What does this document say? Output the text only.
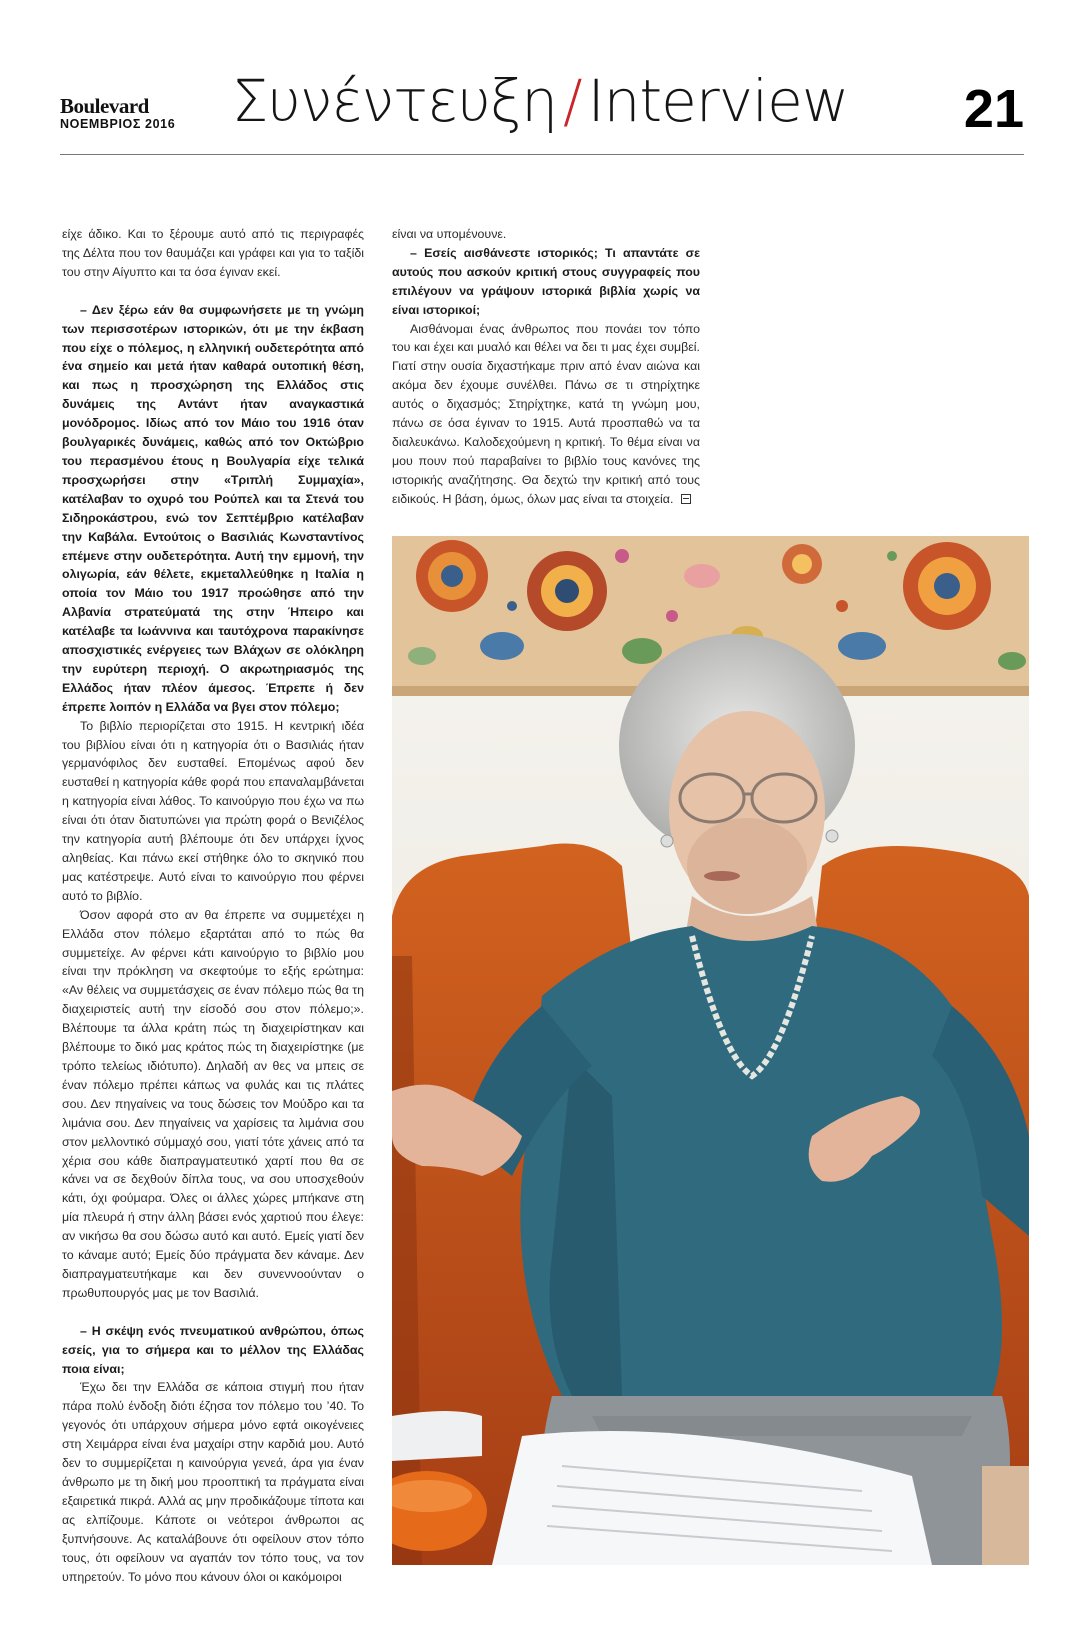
Boulevard
ΝΟΕΜΒΡΙΟΣ 2016 Συνέντευξη / Interview	21

είχε άδικο. Και το ξέρουμε αυτό από τις περιγραφές της Δέλτα που τον θαυμάζει και γράφει και για το ταξίδι του στην Αίγυπτο και τα όσα έγιναν εκεί.

– Δεν ξέρω εάν θα συμφωνήσετε με τη γνώμη των περισσοτέρων ιστορικών, ότι με την έκβαση που είχε ο πόλεμος, η ελληνική ουδετερότητα από ένα σημείο και μετά ήταν καθαρά ουτοπική θέση, και πως η προσχώρηση της Ελλάδος στις δυνάμεις της Αντάντ ήταν αναγκαστικά μονόδρομος. Ιδίως από τον Μάιο του 1916 όταν βουλγαρικές δυνάμεις, καθώς από τον Οκτώβριο του περασμένου έτους η Βουλγαρία είχε τελικά προσχωρήσει στην «Τριπλή Συμμαχία», κατέλαβαν το οχυρό του Ρούπελ και τα Στενά του Σιδηροκάστρου, ενώ τον Σεπτέμβριο κατέλαβαν την Καβάλα. Εντούτοις ο Βασιλιάς Κωνσταντίνος επέμενε στην ουδετερότητα. Αυτή την εμμονή, την ολιγωρία, εάν θέλετε, εκμεταλλεύθηκε η Ιταλία η οποία τον Μάιο του 1917 προώθησε από την Αλβανία στρατεύματά της στην Ήπειρο και κατέλαβε τα Ιωάννινα και ταυτόχρονα παρακίνησε αποσχιστικές ενέργειες των Βλάχων σε ολόκληρη την ευρύτερη περιοχή. Ο ακρωτηριασμός της Ελλάδος ήταν πλέον άμεσος. Έπρεπε ή δεν έπρεπε λοιπόν η Ελλάδα να βγει στον πόλεμο;

Το βιβλίο περιορίζεται στο 1915. Η κεντρική ιδέα του βιβλίου είναι ότι η κατηγορία ότι ο Βασιλιάς ήταν γερμανόφιλος δεν ευσταθεί. Επομένως αφού δεν ευσταθεί η κατηγορία κάθε φορά που επαναλαμβάνεται η κατηγορία είναι λάθος. Το καινούργιο που έχω να πω είναι ότι όταν διατυπώνει για πρώτη φορά ο Βενιζέλος την κατηγορία αυτή βλέπουμε ότι δεν υπάρχει ίχνος αληθείας. Και πάνω εκεί στήθηκε όλο το σκηνικό που μας κατέστρεψε. Αυτό είναι το καινούργιο που φέρνει αυτό το βιβλίο.

Όσον αφορά στο αν θα έπρεπε να συμμετέχει η Ελλάδα στον πόλεμο εξαρτάται από το πώς θα συμμετείχε. Αν φέρνει κάτι καινούργιο το βιβλίο μου είναι την πρόκληση να σκεφτούμε το εξής ερώτημα: «Αν θέλεις να συμμετάσχεις σε έναν πόλεμο πώς θα τη διαχειριστείς αυτή την είσοδό σου στον πόλεμο;». Βλέπουμε τα άλλα κράτη πώς τη διαχειρίστηκαν και βλέπουμε το δικό μας κράτος πώς τη διαχειρίστηκε (με τρόπο τελείως ιδιότυπο). Δηλαδή αν θες να μπεις σε έναν πόλεμο πρέπει κάπως να φυλάς και τις πλάτες σου. Δεν πηγαίνεις να τους δώσεις τον Μούδρο και τα λιμάνια σου. Δεν πηγαίνεις να χαρίσεις τα λιμάνια σου στον μελλοντικό σύμμαχό σου, γιατί τότε χάνεις από τα χέρια σου κάθε διαπραγματευτικό χαρτί που θα σε κάνει να σε δεχθούν δίπλα τους, να σου υποσχεθούν κάτι, όχι φούμαρα. Όλες οι άλλες χώρες μπήκανε στη μία πλευρά ή στην άλλη βάσει ενός χαρτιού που έλεγε: αν νικήσω θα σου δώσω αυτό και αυτό. Εμείς γιατί δεν το κάναμε αυτό; Εμείς δύο πράγματα δεν κάναμε. Δεν διαπραγματευτήκαμε και δεν συνεννοούνταν ο πρωθυπουργός μας με τον Βασιλιά.

– Η σκέψη ενός πνευματικού ανθρώπου, όπως εσείς, για το σήμερα και το μέλλον της Ελλάδας ποια είναι;

Έχω δει την Ελλάδα σε κάποια στιγμή που ήταν πάρα πολύ ένδοξη διότι έζησα τον πόλεμο του ’40. Το γεγονός ότι υπάρχουν σήμερα μόνο εφτά οικογένειες στη Χειμάρρα είναι ένα μαχαίρι στην καρδιά μου. Αυτό δεν το συμμερίζεται η καινούργια γενεά, άρα για έναν άνθρωπο με τη δική μου προοπτική τα πράγματα είναι εξαιρετικά πικρά. Αλλά ας μην προδικάζουμε τίποτα και ας ελπίζουμε. Κάποτε οι νεότεροι άνθρωποι ας ξυπνήσουνε. Ας καταλάβουνε ότι οφείλουν στον τόπο τους, ότι οφείλουν να αγαπάν τον τόπο τους, να τον υπηρετούν. Το μόνο που κάνουν όλοι οι κακόμοιροι

είναι να υπομένουνε.

– Εσείς αισθάνεστε ιστορικός; Τι απαντάτε σε αυτούς που ασκούν κριτική στους συγγραφείς που επιλέγουν να γράψουν ιστορικά βιβλία χωρίς να είναι ιστορικοί;

Αισθάνομαι ένας άνθρωπος που πονάει τον τόπο του και έχει και μυαλό και θέλει να δει τι μας έχει συμβεί. Γιατί στην ουσία διχαστήκαμε πριν από έναν αιώνα και ακόμα δεν έχουμε συνέλθει. Πάνω σε τι στηρίχτηκε αυτός ο διχασμός; Στηρίχτηκε, κατά τη γνώμη μου, πάνω σε όσα έγιναν το 1915. Αυτά προσπαθώ να τα διαλευκάνω. Καλοδεχούμενη η κριτική. Το θέμα είναι να μου πουν πού παραβαίνει το βιβλίο τους κανόνες της ιστορικής αναζήτησης. Θα δεχτώ την κριτική από τους ειδικούς. Η βάση, όμως, όλων μας είναι τα στοιχεία.
